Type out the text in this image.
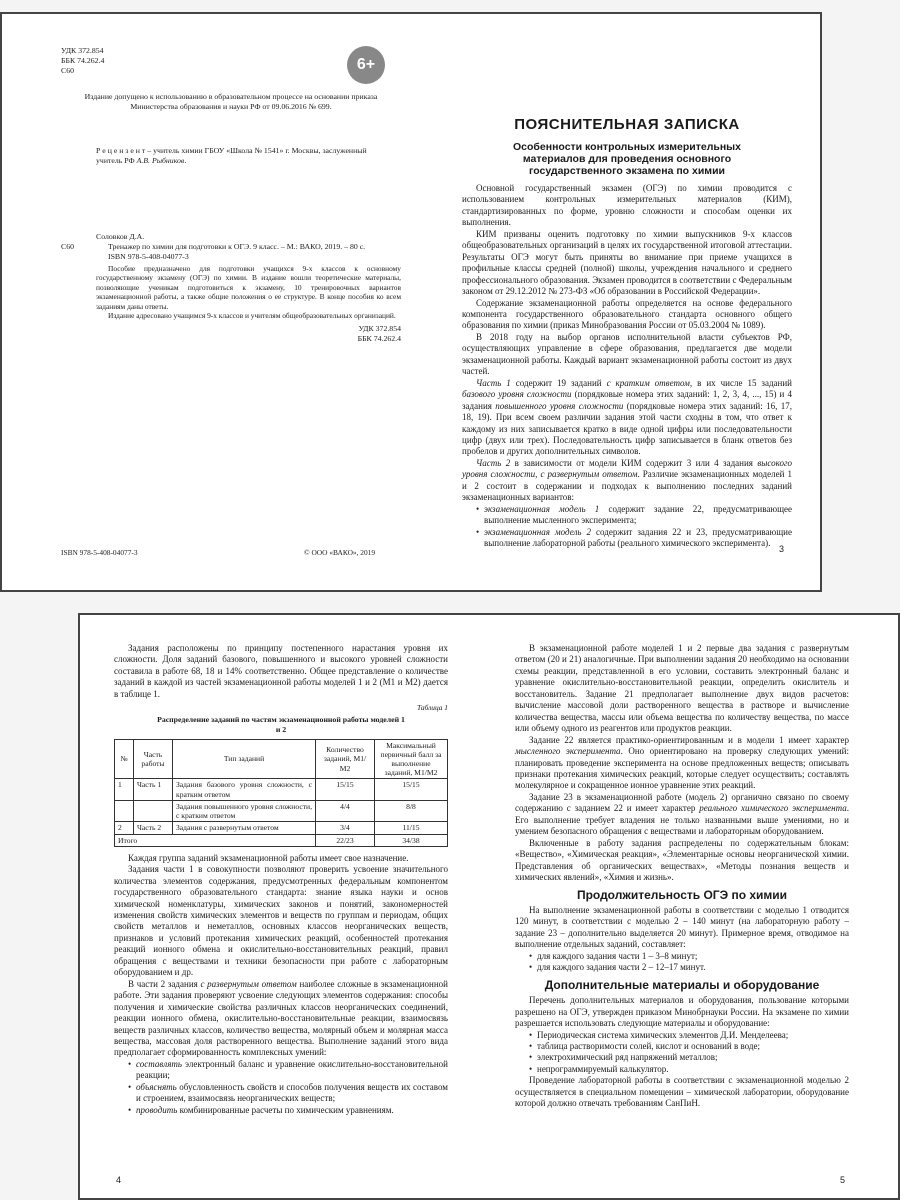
УДК 372.854
ББК 74.262.4
С60	6+
Издание допущено к использованию в образовательном процессе на основании приказа Министерства образования и науки РФ от 09.06.2016 № 699.
Р е ц е н з е н т – учитель химии ГБОУ «Школа № 1541» г. Москвы, заслуженный учитель РФ А.В. Рыбников.
Соловков Д.А.
С60	Тренажер по химии для подготовки к ОГЭ. 9 класс. – М.: ВАКО, 2019. – 80 с.
ISBN 978-5-408-04077-3
Пособие предназначено для подготовки учащихся 9-х классов к основному государственному экзамену (ОГЭ) по химии. В издание вошли теоретические материалы, позволяющие ученикам подготовиться к экзамену, 10 тренировочных вариантов экзаменационной работы, а также общие положения о ее структуре. В конце пособия ко всем заданиям даны ответы.
Издание адресовано учащимся 9-х классов и учителям общеобразовательных организаций.
УДК 372.854
ББК 74.262.4
ISBN 978-5-408-04077-3	© ООО «ВАКО», 2019
ПОЯСНИТЕЛЬНАЯ ЗАПИСКА
Особенности контрольных измерительных материалов для проведения основного государственного экзамена по химии

Основной государственный экзамен (ОГЭ) по химии проводится с использованием контрольных измерительных материалов (КИМ), стандартизированных по форме, уровню сложности и способам оценки их выполнения.

КИМ призваны оценить подготовку по химии выпускников 9-х классов общеобразовательных организаций в целях их государственной итоговой аттестации. Результаты ОГЭ могут быть приняты во внимание при приеме учащихся в профильные классы средней (полной) школы, учреждения начального и среднего профессионального образования. Экзамен проводится в соответствии с Федеральным законом от 29.12.2012 № 273-ФЗ «Об образовании в Российской Федерации».

Содержание экзаменационной работы определяется на основе федерального компонента государственного образовательного стандарта основного общего образования по химии (приказ Минобразования России от 05.03.2004 № 1089).

В 2018 году на выбор органов исполнительной власти субъектов РФ, осуществляющих управление в сфере образования, предлагается две модели экзаменационной работы. Каждый вариант экзаменационной работы состоит из двух частей.

Часть 1 содержит 19 заданий с кратким ответом, в их числе 15 заданий базового уровня сложности (порядковые номера этих заданий: 1, 2, 3, 4, ..., 15) и 4 задания повышенного уровня сложности (порядковые номера этих заданий: 16, 17, 18, 19). При всем своем различии задания этой части сходны в том, что ответ к каждому из них записывается кратко в виде одной цифры или последовательности цифр (двух или трех). Последовательность цифр записывается в бланк ответов без пробелов и других дополнительных символов.

Часть 2 в зависимости от модели КИМ содержит 3 или 4 задания высокого уровня сложности, с развернутым ответом. Различие экзаменационных моделей 1 и 2 состоит в содержании и подходах к выполнению последних заданий экзаменационных вариантов:

• экзаменационная модель 1 содержит задание 22, предусматривающее выполнение мысленного эксперимента;
• экзаменационная модель 2 содержит задания 22 и 23, предусматривающие выполнение лабораторной работы (реального химического эксперимента).
3

Задания расположены по принципу постепенного нарастания уровня их сложности. Доля заданий базового, повышенного и высокого уровней сложности составила в работе 68, 18 и 14% соответственно. Общее представление о количестве заданий в каждой из частей экзаменационной работы моделей 1 и 2 (М1 и М2) дается в таблице 1.

Таблица 1
Распределение заданий по частям экзаменационной работы моделей 1 и 2
№	Часть работы	Тип заданий	Количество заданий, М1/М2	Максимальный первичный балл за выполнение заданий, М1/М2
1	Часть 1	Задания базового уровня сложности, с кратким ответом	15/15	15/15
		Задания повышенного уровня сложности, с кратким ответом	4/4	8/8
2	Часть 2	Задания с развернутым ответом	3/4	11/15
Итого			22/23	34/38

Каждая группа заданий экзаменационной работы имеет свое назначение.

Задания части 1 в совокупности позволяют проверить усвоение значительного количества элементов содержания, предусмотренных федеральным компонентом государственного образовательного стандарта: знание языка науки и основ химической номенклатуры, химических законов и понятий, закономерностей изменения свойств химических элементов и веществ по группам и периодам, общих свойств металлов и неметаллов, основных классов неорганических веществ, признаков и условий протекания химических реакций, особенностей протекания реакций ионного обмена и окислительно-восстановительных реакций, правил обращения с веществами и техники безопасности при работе с лабораторным оборудованием и др.

В части 2 задания с развернутым ответом наиболее сложные в экзаменационной работе. Эти задания проверяют усвоение следующих элементов содержания: способы получения и химические свойства различных классов неорганических соединений, реакции ионного обмена, окислительно-восстановительные реакции, взаимосвязь веществ различных классов, количество вещества, молярный объем и молярная масса вещества, массовая доля растворенного вещества. Выполнение заданий этого вида предполагает сформированность комплексных умений:

• составлять электронный баланс и уравнение окислительно-восстановительной реакции;
• объяснять обусловленность свойств и способов получения веществ их составом и строением, взаимосвязь неорганических веществ;
• проводить комбинированные расчеты по химическим уравнениям.
4

В экзаменационной работе моделей 1 и 2 первые два задания с развернутым ответом (20 и 21) аналогичные. При выполнении задания 20 необходимо на основании схемы реакции, представленной в его условии, составить электронный баланс и уравнение окислительно-восстановительной реакции, определить окислитель и восстановитель. Задание 21 предполагает выполнение двух видов расчетов: вычисление массовой доли растворенного вещества в растворе и вычисление количества вещества, массы или объема вещества по количеству вещества, по массе или объему одного из реагентов или продуктов реакции.

Задание 22 является практико-ориентированным и в модели 1 имеет характер мысленного эксперимента. Оно ориентировано на проверку следующих умений: планировать проведение эксперимента на основе предложенных веществ; описывать признаки протекания химических реакций, которые следует осуществить; составлять молекулярное и сокращенное ионное уравнение этих реакций.

Задание 23 в экзаменационной работе (модель 2) органично связано по своему содержанию с заданием 22 и имеет характер реального химического эксперимента. Его выполнение требует владения не только названными выше умениями, но и умением безопасного обращения с веществами и лабораторным оборудованием.

Включенные в работу задания распределены по содержательным блокам: «Вещество», «Химическая реакция», «Элементарные основы неорганической химии. Представления об органических веществах», «Методы познания веществ и химических явлений», «Химия и жизнь».

Продолжительность ОГЭ по химии

На выполнение экзаменационной работы в соответствии с моделью 1 отводится 120 минут, в соответствии с моделью 2 – 140 минут (на лабораторную работу – задание 23 – дополнительно выделяется 20 минут). Примерное время, отводимое на выполнение отдельных заданий, составляет:

• для каждого задания части 1 – 3–8 минут;
• для каждого задания части 2 – 12–17 минут.
Дополнительные материалы и оборудование

Перечень дополнительных материалов и оборудования, пользование которыми разрешено на ОГЭ, утвержден приказом Минобрнауки России. На экзамене по химии разрешается использовать следующие материалы и оборудование:

• Периодическая система химических элементов Д.И. Менделеева;
• таблица растворимости солей, кислот и оснований в воде;
• электрохимический ряд напряжений металлов;
• непрограммируемый калькулятор.

Проведение лабораторной работы в соответствии с экзаменационной моделью 2 осуществляется в специальном помещении – химической лаборатории, оборудование которой должно отвечать требованиям СанПиН.

5
